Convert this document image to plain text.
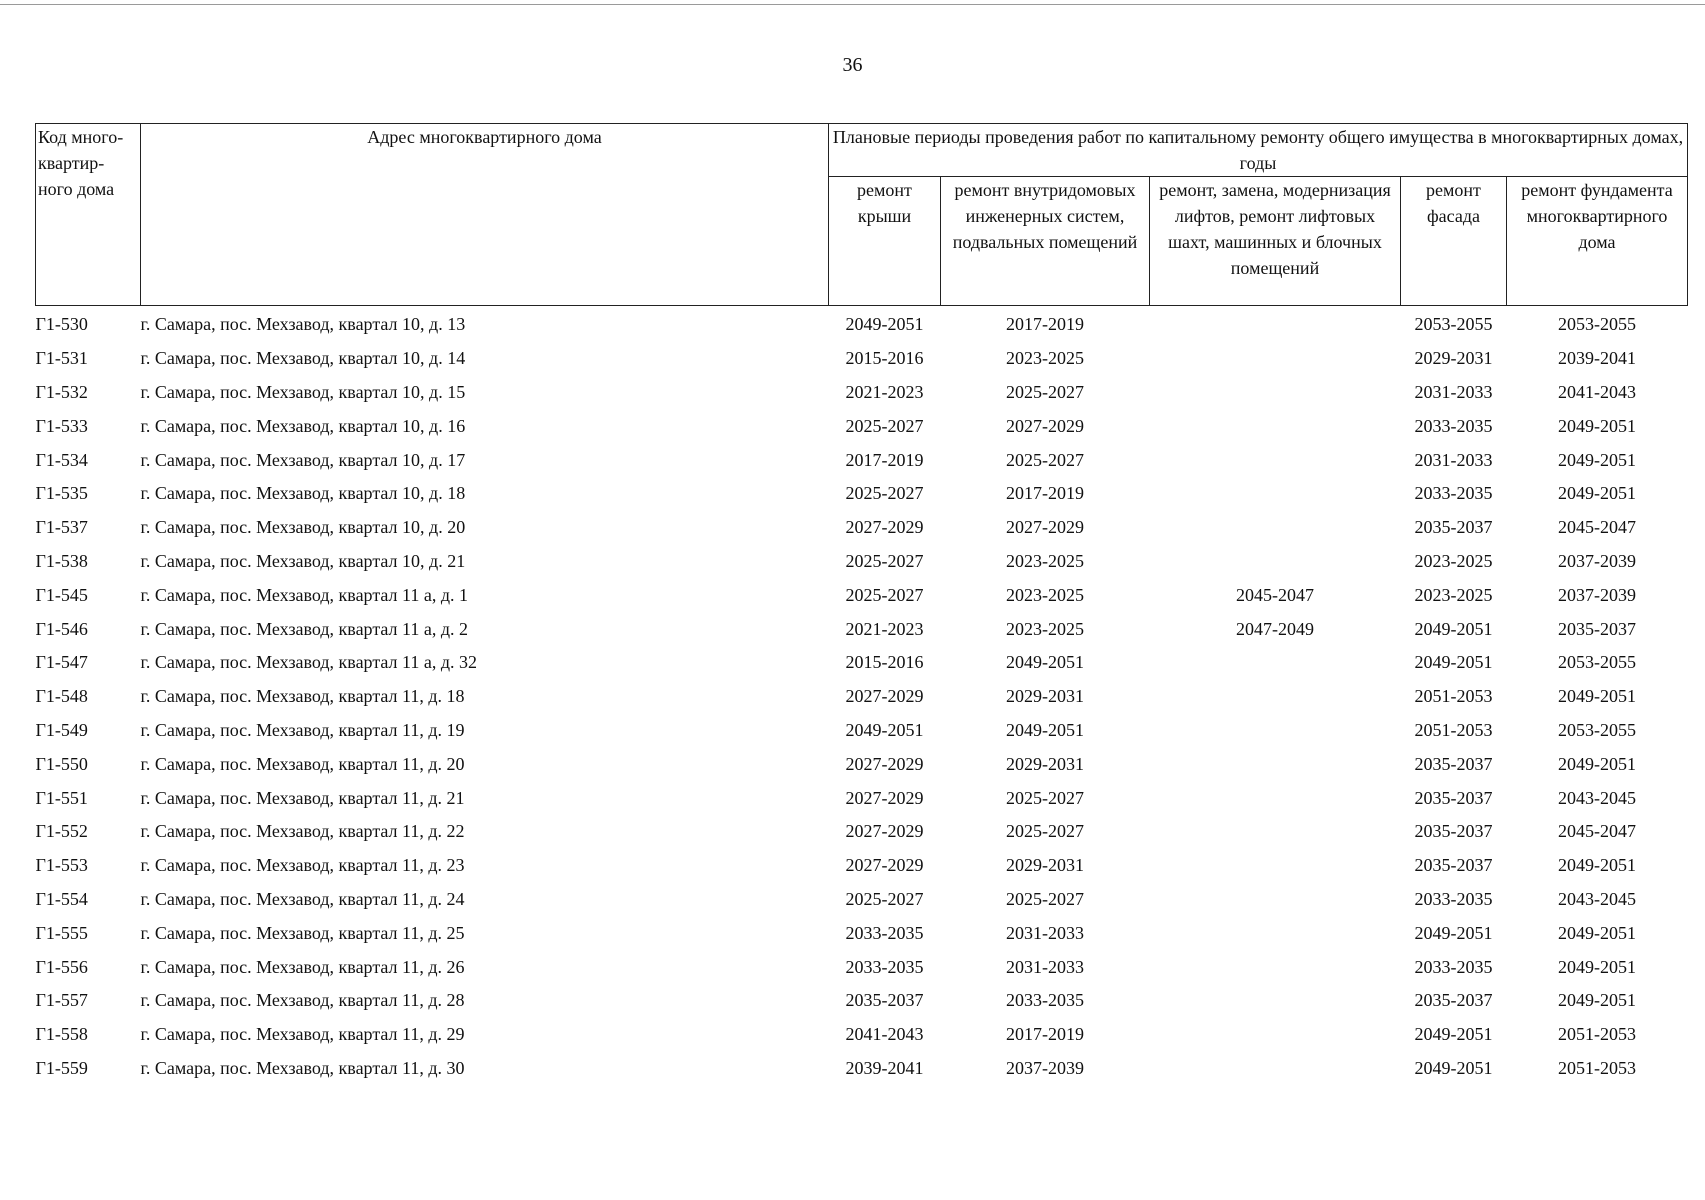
36
Код много-квартир-ного дома	Адрес многоквартирного дома	Плановые периоды проведения работ по капитальному ремонту общего имущества в многоквартирных домах, годы				
		ремонт крыши	ремонт внутридомовых инженерных систем, подвальных помещений	ремонт, замена, модернизация лифтов, ремонт лифтовых шахт, машинных и блочных помещений	ремонт фасада	ремонт фундамента многоквартирного дома
Г1-530	г. Самара, пос. Мехзавод, квартал 10, д. 13	2049-2051	2017-2019		2053-2055	2053-2055
Г1-531	г. Самара, пос. Мехзавод, квартал 10, д. 14	2015-2016	2023-2025		2029-2031	2039-2041
Г1-532	г. Самара, пос. Мехзавод, квартал 10, д. 15	2021-2023	2025-2027		2031-2033	2041-2043
Г1-533	г. Самара, пос. Мехзавод, квартал 10, д. 16	2025-2027	2027-2029		2033-2035	2049-2051
Г1-534	г. Самара, пос. Мехзавод, квартал 10, д. 17	2017-2019	2025-2027		2031-2033	2049-2051
Г1-535	г. Самара, пос. Мехзавод, квартал 10, д. 18	2025-2027	2017-2019		2033-2035	2049-2051
Г1-537	г. Самара, пос. Мехзавод, квартал 10, д. 20	2027-2029	2027-2029		2035-2037	2045-2047
Г1-538	г. Самара, пос. Мехзавод, квартал 10, д. 21	2025-2027	2023-2025		2023-2025	2037-2039
Г1-545	г. Самара, пос. Мехзавод, квартал 11 а, д. 1	2025-2027	2023-2025	2045-2047	2023-2025	2037-2039
Г1-546	г. Самара, пос. Мехзавод, квартал 11 а, д. 2	2021-2023	2023-2025	2047-2049	2049-2051	2035-2037
Г1-547	г. Самара, пос. Мехзавод, квартал 11 а, д. 32	2015-2016	2049-2051		2049-2051	2053-2055
Г1-548	г. Самара, пос. Мехзавод, квартал 11, д. 18	2027-2029	2029-2031		2051-2053	2049-2051
Г1-549	г. Самара, пос. Мехзавод, квартал 11, д. 19	2049-2051	2049-2051		2051-2053	2053-2055
Г1-550	г. Самара, пос. Мехзавод, квартал 11, д. 20	2027-2029	2029-2031		2035-2037	2049-2051
Г1-551	г. Самара, пос. Мехзавод, квартал 11, д. 21	2027-2029	2025-2027		2035-2037	2043-2045
Г1-552	г. Самара, пос. Мехзавод, квартал 11, д. 22	2027-2029	2025-2027		2035-2037	2045-2047
Г1-553	г. Самара, пос. Мехзавод, квартал 11, д. 23	2027-2029	2029-2031		2035-2037	2049-2051
Г1-554	г. Самара, пос. Мехзавод, квартал 11, д. 24	2025-2027	2025-2027		2033-2035	2043-2045
Г1-555	г. Самара, пос. Мехзавод, квартал 11, д. 25	2033-2035	2031-2033		2049-2051	2049-2051
Г1-556	г. Самара, пос. Мехзавод, квартал 11, д. 26	2033-2035	2031-2033		2033-2035	2049-2051
Г1-557	г. Самара, пос. Мехзавод, квартал 11, д. 28	2035-2037	2033-2035		2035-2037	2049-2051
Г1-558	г. Самара, пос. Мехзавод, квартал 11, д. 29	2041-2043	2017-2019		2049-2051	2051-2053
Г1-559	г. Самара, пос. Мехзавод, квартал 11, д. 30	2039-2041	2037-2039		2049-2051	2051-2053
